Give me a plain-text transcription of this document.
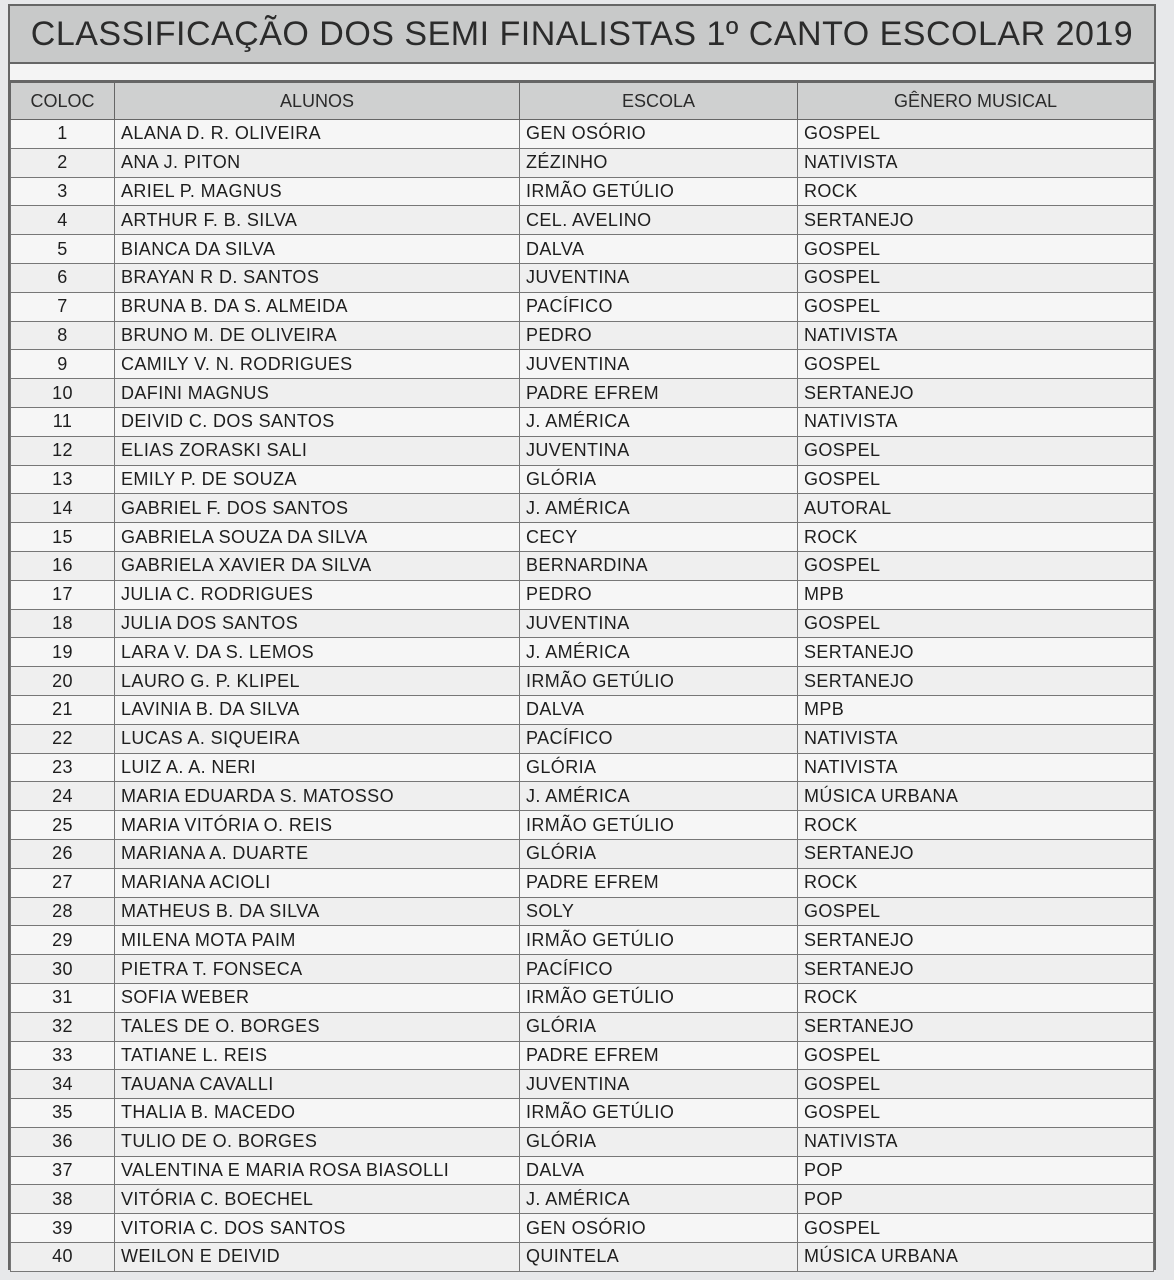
CLASSIFICAÇÃO DOS SEMI FINALISTAS 1º CANTO ESCOLAR 2019
COLOC	ALUNOS	ESCOLA	GÊNERO MUSICAL
1	ALANA D. R. OLIVEIRA	GEN OSÓRIO	GOSPEL
2	ANA J. PITON	ZÉZINHO	NATIVISTA
3	ARIEL P. MAGNUS	IRMÃO GETÚLIO	ROCK
4	ARTHUR F. B. SILVA	CEL. AVELINO	SERTANEJO
5	BIANCA DA SILVA	DALVA	GOSPEL
6	BRAYAN R D. SANTOS	JUVENTINA	GOSPEL
7	BRUNA B. DA S. ALMEIDA	PACÍFICO	GOSPEL
8	BRUNO M. DE OLIVEIRA	PEDRO	NATIVISTA
9	CAMILY V. N. RODRIGUES	JUVENTINA	GOSPEL
10	DAFINI MAGNUS	PADRE EFREM	SERTANEJO
11	DEIVID C. DOS SANTOS	J. AMÉRICA	NATIVISTA
12	ELIAS ZORASKI SALI	JUVENTINA	GOSPEL
13	EMILY P. DE SOUZA	GLÓRIA	GOSPEL
14	GABRIEL F. DOS SANTOS	J. AMÉRICA	AUTORAL
15	GABRIELA SOUZA DA SILVA	CECY	ROCK
16	GABRIELA XAVIER DA SILVA	BERNARDINA	GOSPEL
17	JULIA C. RODRIGUES	PEDRO	MPB
18	JULIA DOS SANTOS	JUVENTINA	GOSPEL
19	LARA V. DA S. LEMOS	J. AMÉRICA	SERTANEJO
20	LAURO G. P. KLIPEL	IRMÃO GETÚLIO	SERTANEJO
21	LAVINIA B. DA SILVA	DALVA	MPB
22	LUCAS A. SIQUEIRA	PACÍFICO	NATIVISTA
23	LUIZ A. A. NERI	GLÓRIA	NATIVISTA
24	MARIA EDUARDA S. MATOSSO	J. AMÉRICA	MÚSICA URBANA
25	MARIA VITÓRIA O. REIS	IRMÃO GETÚLIO	ROCK
26	MARIANA A. DUARTE	GLÓRIA	SERTANEJO
27	MARIANA ACIOLI	PADRE EFREM	ROCK
28	MATHEUS B. DA SILVA	SOLY	GOSPEL
29	MILENA MOTA PAIM	IRMÃO GETÚLIO	SERTANEJO
30	PIETRA T. FONSECA	PACÍFICO	SERTANEJO
31	SOFIA WEBER	IRMÃO GETÚLIO	ROCK
32	TALES DE O. BORGES	GLÓRIA	SERTANEJO
33	TATIANE L. REIS	PADRE EFREM	GOSPEL
34	TAUANA CAVALLI	JUVENTINA	GOSPEL
35	THALIA B. MACEDO	IRMÃO GETÚLIO	GOSPEL
36	TULIO DE O. BORGES	GLÓRIA	NATIVISTA
37	VALENTINA E MARIA ROSA BIASOLLI	DALVA	POP
38	VITÓRIA C. BOECHEL	J. AMÉRICA	POP
39	VITORIA C. DOS SANTOS	GEN OSÓRIO	GOSPEL
40	WEILON E DEIVID	QUINTELA	MÚSICA URBANA
